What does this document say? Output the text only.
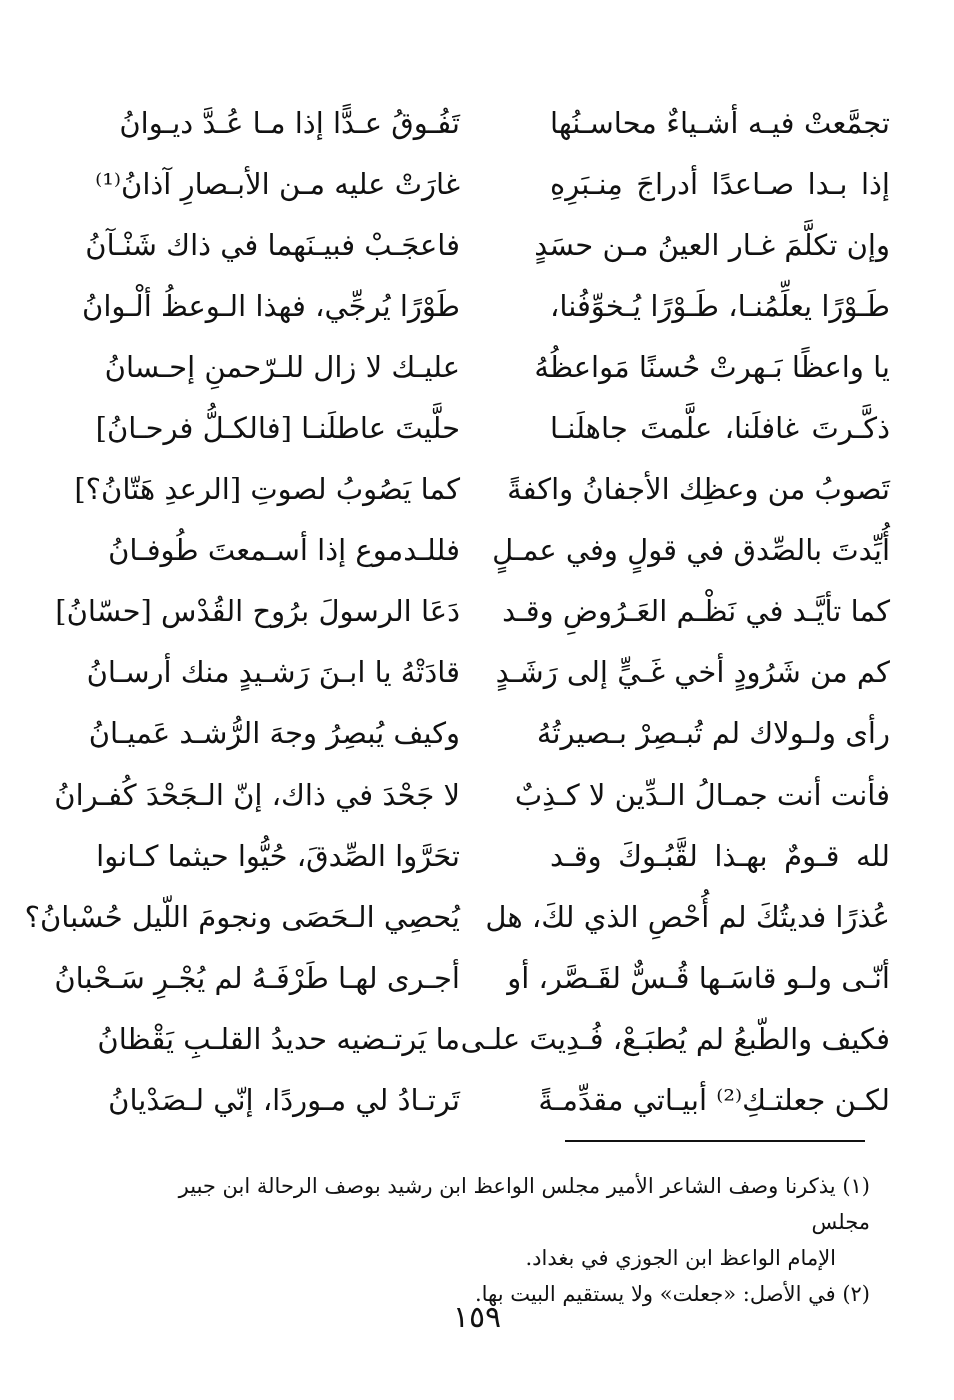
تجمَّعتْ فيـه أشـياءٌ محاسـنُها
تَفُـوقُ عـدًّا إذا مـا عُـدَّ ديـوانُ
إذا بـدا صـاعدًا أدراجَ مِنـبَرِهِ
غارَتْ عليه مـن الأبـصارِ آذانُ⁽¹⁾
وإن تكلَّمَ غـار العينُ مـن حسَدٍ
فاعجَـبْ فبيـنَهما في ذاك شَنْـآنُ
طَـوْرًا يعلِّمُنـا، طَـوْرًا يُـخوِّفُنا،
طَوْرًا يُرجِّي، فهذا الـوعظُ ألْـوانُ
يا واعظًا بَـهرتْ حُسنًا مَواعظُهُ
عليـك لا زال للـرّحمنِ إحـسانُ
ذكَّـرتَ غافلَنا، علَّمتَ جاهلَنـا
حلَّيتَ عاطلَنـا [فالكـلُّ فرحـانُ]
تَصوبُ من وعظِك الأجفانُ واكفةً
كما يَصُوبُ لصوتِ [الرعدِ هَتّانُ؟]
أُيِّدتَ بالصِّدق في قولٍ وفي عمـلٍ
فللـدموع إذا أسـمعتَ طُوفـانُ
كما تأيَّـد في نَظْـم العَـرُوضِ وقـد
دَعَا الرسولَ برُوح القُدْس [حسّانُ]
كم من شَرُودٍ أخي غَـيٍّ إلى رَشَـدٍ
قادَتْهُ يا ابـنَ رَشـيدٍ منك أرسـانُ
رأى ولـولاك لم تُبـصِرْ بـصيرتُهُ
وكيف يُبصِرُ وجهَ الرُّشـد عَميـانُ
فأنت أنت جمـالُ الـدِّين لا كـذِبٌ
لا جَحْدَ في ذاك، إنّ الـجَحْدَ كُفـرانُ
لله قـومٌ بهـذا لقَّبُـوكَ وقـد
تحَرَّوا الصِّدقَ، حُيُّوا حيثما كـانوا
عُذرًا فديتُكَ لم أُحْصِ الذي لكَ، هل
يُحصِي الـحَصَى ونجومَ اللّيل حُسْبانُ؟
أنّـى ولـو قاسَـها قُـسٌّ لقَـصَّر، أو
أجـرى لهـا طَرْفَـهُ لم يُجْـرِ سَـحْبانُ
فكيف والطّبعُ لم يُطبَـعْ، فُـدِيتَ علـى
ما يَرتـضيه حديدُ القلـبِ يَقْظانُ
لكـن جعلتـكِ⁽²⁾ أبيـاتي مقدِّمـةً
تَرتـادُ لي مـوردًا، إنّي لـصَدْيانُ

(١) يذكرنا وصف الشاعر الأمير مجلس الواعظ ابن رشيد بوصف الرحالة ابن جبير مجلس

الإمام الواعظ ابن الجوزي في بغداد.

(٢) في الأصل: «جعلت» ولا يستقيم البيت بها.

١٥٩
